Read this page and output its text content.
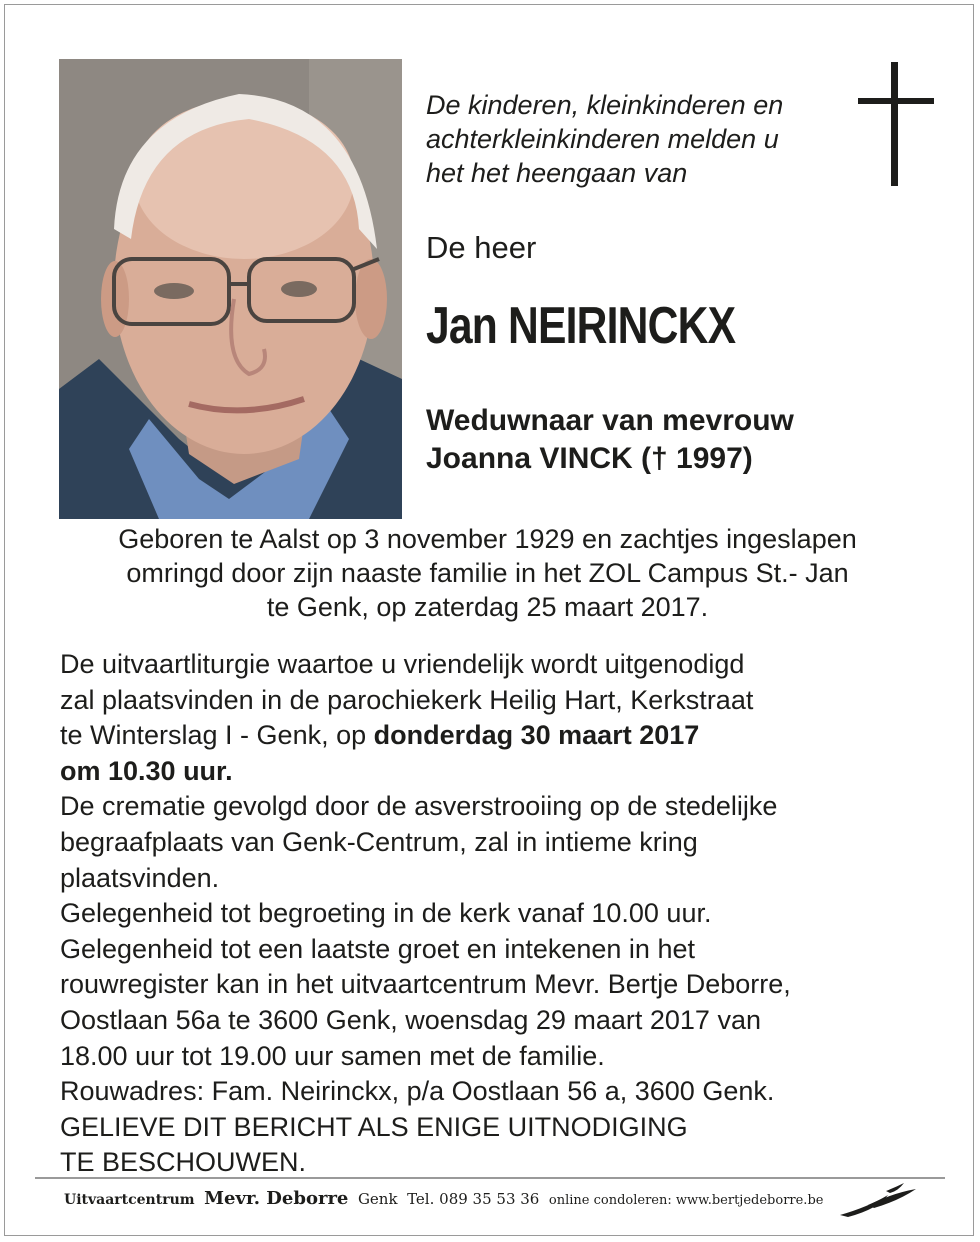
De kinderen, kleinkinderen en
achterkleinkinderen melden u
het het heengaan van
De heer
Jan NEIRINCKX
Weduwnaar van mevrouw
Joanna VINCK († 1997)
Geboren te Aalst op 3 november 1929 en zachtjes ingeslapen
omringd door zijn naaste familie in het ZOL Campus St.- Jan
te Genk, op zaterdag 25 maart 2017.
De uitvaartliturgie waartoe u vriendelijk wordt uitgenodigd
zal plaatsvinden in de parochiekerk Heilig Hart, Kerkstraat
te Winterslag I - Genk, op donderdag 30 maart 2017
om 10.30 uur.
De crematie gevolgd door de asverstrooiing op de stedelijke
begraafplaats van Genk-Centrum, zal in intieme kring
plaatsvinden.
Gelegenheid tot begroeting in de kerk vanaf 10.00 uur.
Gelegenheid tot een laatste groet en intekenen in het
rouwregister kan in het uitvaartcentrum Mevr. Bertje Deborre,
Oostlaan 56a te 3600 Genk, woensdag 29 maart 2017 van
18.00 uur tot 19.00 uur samen met de familie.
Rouwadres: Fam. Neirinckx, p/a Oostlaan 56 a, 3600 Genk.
GELIEVE DIT BERICHT ALS ENIGE UITNODIGING
TE BESCHOUWEN.
Uitvaartcentrum Mevr. Deborre Genk Tel. 089 35 53 36 online condoleren: www.bertjedeborre.be
